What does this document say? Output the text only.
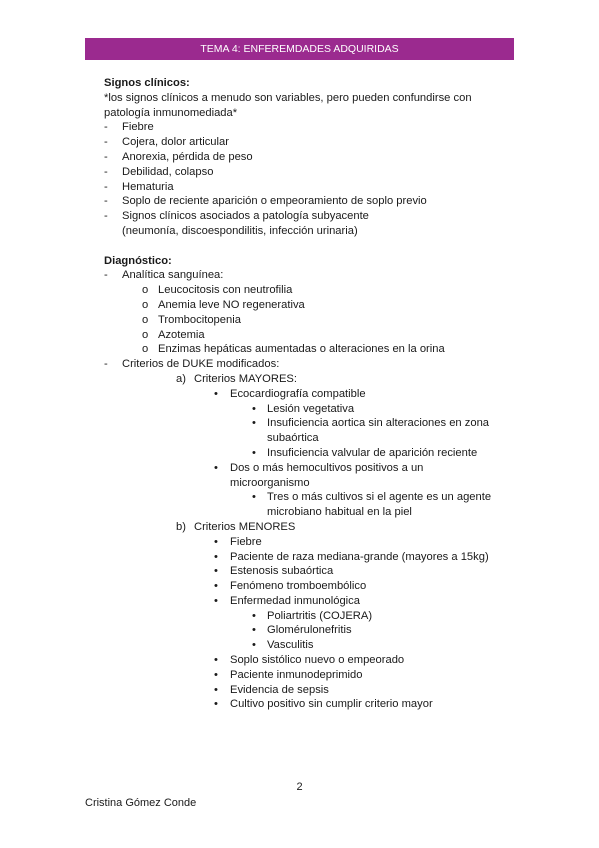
TEMA 4: ENFEREMDADES ADQUIRIDAS
Signos clínicos:
*los signos clínicos a menudo son variables, pero pueden confundirse con
patología inmunomediada*
- Fiebre
- Cojera, dolor articular
- Anorexia, pérdida de peso
- Debilidad, colapso
- Hematuria
- Soplo de reciente aparición o empeoramiento de soplo previo
- Signos clínicos asociados a patología subyacente (neumonía, discoespondilitis, infección urinaria)
Diagnóstico:
- Analítica sanguínea:
o Leucocitosis con neutrofilia
o Anemia leve NO regenerativa
o Trombocitopenia
o Azotemia
o Enzimas hepáticas aumentadas o alteraciones en la orina
- Criterios de DUKE modificados:
a) Criterios MAYORES:
• Ecocardiografía compatible
• Lesión vegetativa
• Insuficiencia aortica sin alteraciones en zona subaórtica
• Insuficiencia valvular de aparición reciente
• Dos o más hemocultivos positivos a un microorganismo
• Tres o más cultivos si el agente es un agente microbiano habitual en la piel
b) Criterios MENORES
• Fiebre
• Paciente de raza mediana-grande (mayores a 15kg)
• Estenosis subaórtica
• Fenómeno tromboembólico
• Enfermedad inmunológica
• Poliartritis (COJERA)
• Glomérulonefritis
• Vasculitis
• Soplo sistólico nuevo o empeorado
• Paciente inmunodeprimido
• Evidencia de sepsis
• Cultivo positivo sin cumplir criterio mayor
2
Cristina Gómez Conde
